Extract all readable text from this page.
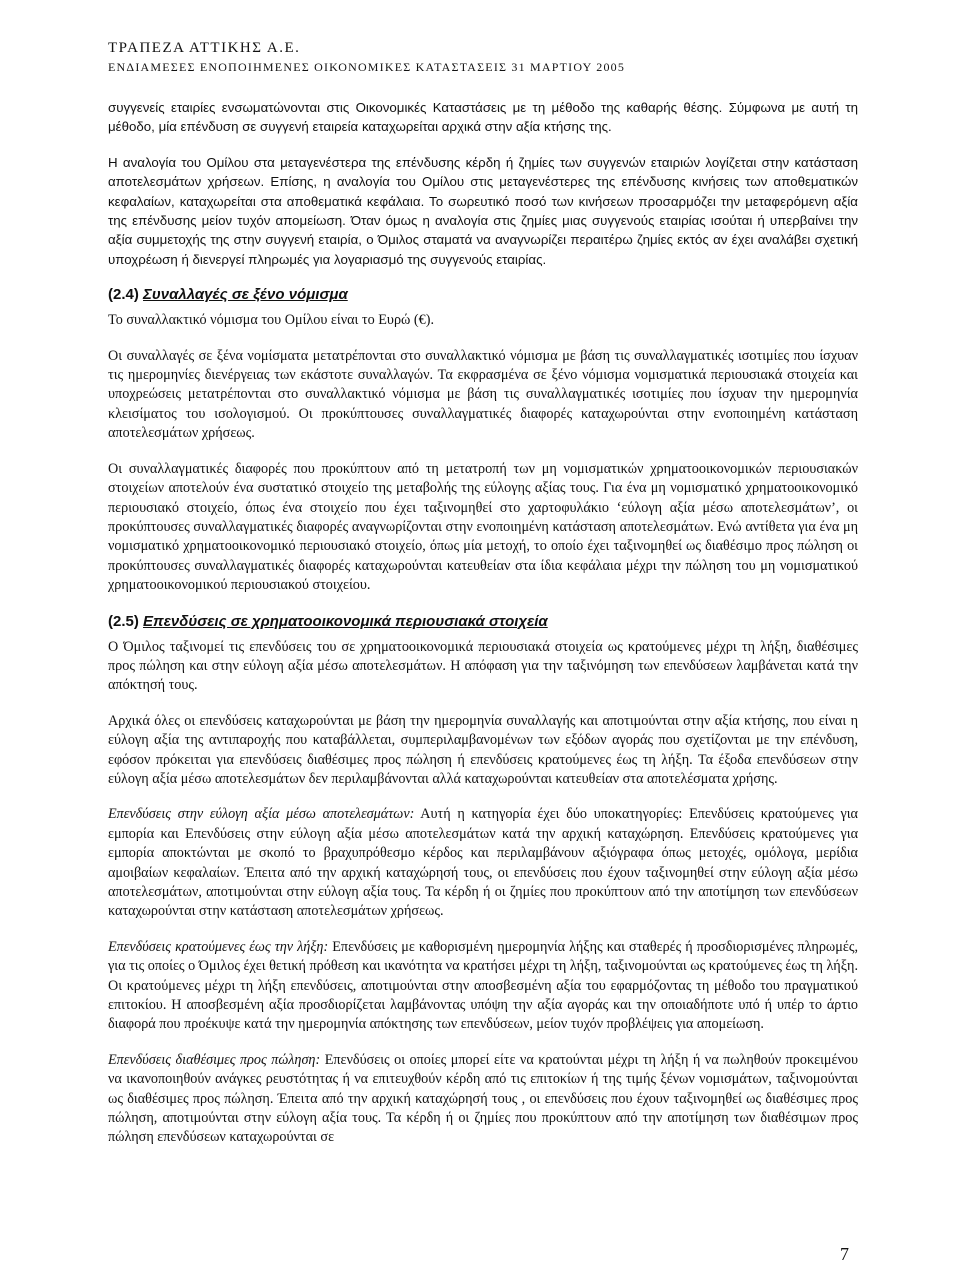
ΤΡΑΠΕΖΑ ΑΤΤΙΚΗΣ Α.Ε.

ΕΝΔΙΑΜΕΣΕΣ ΕΝΟΠΟΙΗΜΕΝΕΣ ΟΙΚΟΝΟΜΙΚΕΣ ΚΑΤΑΣΤΑΣΕΙΣ 31 ΜΑΡΤΙΟΥ 2005

συγγενείς εταιρίες ενσωματώνονται στις Οικονομικές Καταστάσεις με τη μέθοδο της καθαρής θέσης. Σύμφωνα με αυτή τη μέθοδο, μία επένδυση σε συγγενή εταιρεία καταχωρείται αρχικά στην αξία κτήσης της.

Η αναλογία του Ομίλου στα μεταγενέστερα της επένδυσης κέρδη ή ζημίες των συγγενών εταιριών λογίζεται στην κατάσταση αποτελεσμάτων χρήσεων. Επίσης, η αναλογία του Ομίλου στις μεταγενέστερες της επένδυσης κινήσεις των αποθεματικών κεφαλαίων, καταχωρείται στα αποθεματικά κεφάλαια. Το σωρευτικό ποσό των κινήσεων προσαρμόζει την μεταφερόμενη αξία της επένδυσης μείον τυχόν απομείωση. Όταν όμως η αναλογία στις ζημίες μιας συγγενούς εταιρίας ισούται ή υπερβαίνει την αξία συμμετοχής της στην συγγενή εταιρία, ο Όμιλος σταματά να αναγνωρίζει περαιτέρω ζημίες εκτός αν έχει αναλάβει σχετική υποχρέωση ή διενεργεί πληρωμές για λογαριασμό της συγγενούς εταιρίας.

(2.4) Συναλλαγές σε ξένο νόμισμα

Το συναλλακτικό νόμισμα του Ομίλου είναι το Ευρώ (€).

Οι συναλλαγές σε ξένα νομίσματα μετατρέπονται στο συναλλακτικό νόμισμα με βάση τις συναλλαγματικές ισοτιμίες που ίσχυαν τις ημερομηνίες διενέργειας των εκάστοτε συναλλαγών. Τα εκφρασμένα σε ξένο νόμισμα νομισματικά περιουσιακά στοιχεία και υποχρεώσεις μετατρέπονται στο συναλλακτικό νόμισμα με βάση τις συναλλαγματικές ισοτιμίες που ίσχυαν την ημερομηνία κλεισίματος του ισολογισμού. Οι προκύπτουσες συναλλαγματικές διαφορές καταχωρούνται στην ενοποιημένη κατάσταση αποτελεσμάτων χρήσεως.

Οι συναλλαγματικές διαφορές που προκύπτουν από τη μετατροπή των μη νομισματικών χρηματοοικονομικών περιουσιακών στοιχείων αποτελούν ένα συστατικό στοιχείο της μεταβολής της εύλογης αξίας τους. Για ένα μη νομισματικό χρηματοοικονομικό περιουσιακό στοιχείο, όπως ένα στοιχείο που έχει ταξινομηθεί στο χαρτοφυλάκιο ‘εύλογη αξία μέσω αποτελεσμάτων’, οι προκύπτουσες συναλλαγματικές διαφορές αναγνωρίζονται στην ενοποιημένη κατάσταση αποτελεσμάτων. Ενώ αντίθετα για ένα μη νομισματικό χρηματοοικονομικό περιουσιακό στοιχείο, όπως μία μετοχή, το οποίο έχει ταξινομηθεί ως διαθέσιμο προς πώληση οι προκύπτουσες συναλλαγματικές διαφορές καταχωρούνται κατευθείαν στα ίδια κεφάλαια μέχρι την πώληση του μη νομισματικού χρηματοοικονομικού περιουσιακού στοιχείου.

(2.5) Επενδύσεις σε χρηματοοικονομικά περιουσιακά στοιχεία

Ο Όμιλος ταξινομεί τις επενδύσεις του σε χρηματοοικονομικά περιουσιακά στοιχεία ως κρατούμενες μέχρι τη λήξη, διαθέσιμες προς πώληση και στην εύλογη αξία μέσω αποτελεσμάτων. Η απόφαση για την ταξινόμηση των επενδύσεων λαμβάνεται κατά την απόκτησή τους.

Αρχικά όλες οι επενδύσεις καταχωρούνται με βάση την ημερομηνία συναλλαγής και αποτιμούνται στην αξία κτήσης, που είναι η εύλογη αξία της αντιπαροχής που καταβάλλεται, συμπεριλαμβανομένων των εξόδων αγοράς που σχετίζονται με την επένδυση, εφόσον πρόκειται για επενδύσεις διαθέσιμες προς πώληση ή επενδύσεις κρατούμενες έως τη λήξη. Τα έξοδα επενδύσεων στην εύλογη αξία μέσω αποτελεσμάτων δεν περιλαμβάνονται αλλά καταχωρούνται κατευθείαν στα αποτελέσματα χρήσης.

Επενδύσεις στην εύλογη αξία μέσω αποτελεσμάτων: Αυτή η κατηγορία έχει δύο υποκατηγορίες: Επενδύσεις κρατούμενες για εμπορία και Επενδύσεις στην εύλογη αξία μέσω αποτελεσμάτων κατά την αρχική καταχώρηση. Επενδύσεις κρατούμενες για εμπορία αποκτώνται με σκοπό το βραχυπρόθεσμο κέρδος και περιλαμβάνουν αξιόγραφα όπως μετοχές, ομόλογα, μερίδια αμοιβαίων κεφαλαίων. Έπειτα από την αρχική καταχώρησή τους, οι επενδύσεις που έχουν ταξινομηθεί στην εύλογη αξία μέσω αποτελεσμάτων, αποτιμούνται στην εύλογη αξία τους. Τα κέρδη ή οι ζημίες που προκύπτουν από την αποτίμηση των επενδύσεων καταχωρούνται στην κατάσταση αποτελεσμάτων χρήσεως.

Επενδύσεις κρατούμενες έως την λήξη: Επενδύσεις με καθορισμένη ημερομηνία λήξης και σταθερές ή προσδιορισμένες πληρωμές, για τις οποίες ο Όμιλος έχει θετική πρόθεση και ικανότητα να κρατήσει μέχρι τη λήξη, ταξινομούνται ως κρατούμενες έως τη λήξη. Οι κρατούμενες μέχρι τη λήξη επενδύσεις, αποτιμούνται στην αποσβεσμένη αξία του εφαρμόζοντας τη μέθοδο του πραγματικού επιτοκίου. Η αποσβεσμένη αξία προσδιορίζεται λαμβάνοντας υπόψη την αξία αγοράς και την οποιαδήποτε υπό ή υπέρ το άρτιο διαφορά που προέκυψε κατά την ημερομηνία απόκτησης των επενδύσεων, μείον τυχόν προβλέψεις για απομείωση.

Επενδύσεις διαθέσιμες προς πώληση: Επενδύσεις οι οποίες μπορεί είτε να κρατούνται μέχρι τη λήξη ή να πωληθούν προκειμένου να ικανοποιηθούν ανάγκες ρευστότητας ή να επιτευχθούν κέρδη από τις επιτοκίων ή της τιμής ξένων νομισμάτων, ταξινομούνται ως διαθέσιμες προς πώληση. Έπειτα από την αρχική καταχώρησή τους , οι επενδύσεις που έχουν ταξινομηθεί ως διαθέσιμες προς πώληση, αποτιμούνται στην εύλογη αξία τους. Τα κέρδη ή οι ζημίες που προκύπτουν από την αποτίμηση των διαθέσιμων προς πώληση επενδύσεων καταχωρούνται σε

7
